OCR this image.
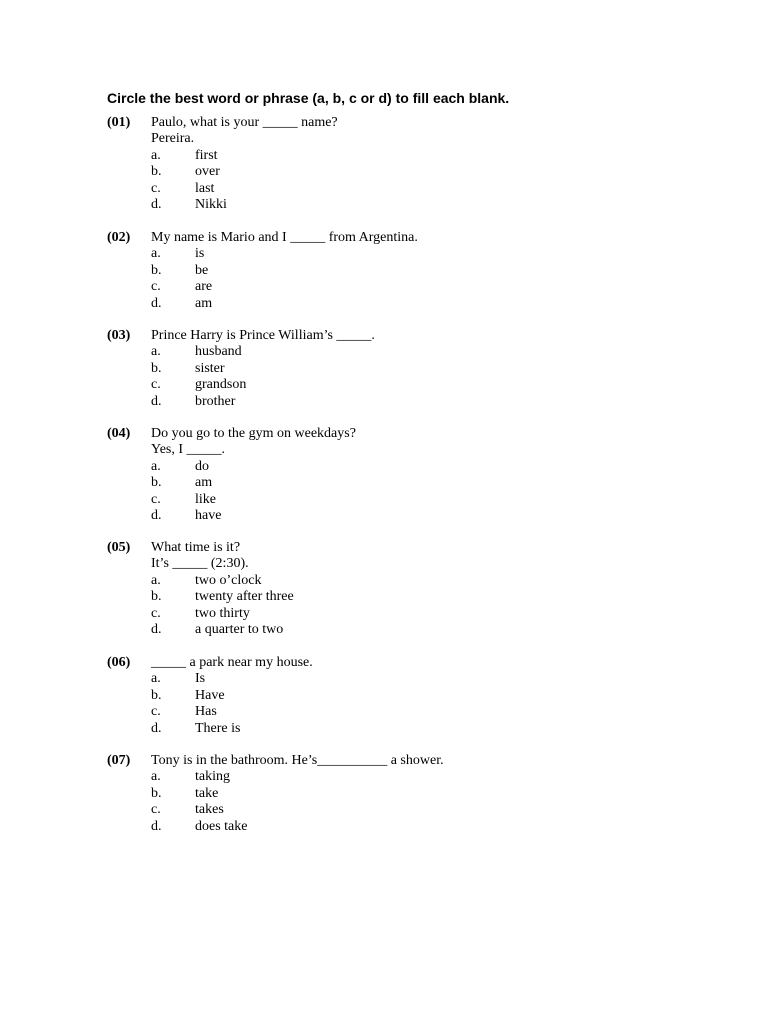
Circle the best word or phrase (a, b, c or d) to fill each blank.
(01) Paulo, what is your _____ name?
Pereira.
a. first
b. over
c. last
d. Nikki
(02) My name is Mario and I _____ from Argentina.
a. is
b. be
c. are
d. am
(03) Prince Harry is Prince William’s _____.
a. husband
b. sister
c. grandson
d. brother
(04) Do you go to the gym on weekdays?
Yes, I _____.
a. do
b. am
c. like
d. have
(05) What time is it?
It’s _____ (2:30).
a. two o’clock
b. twenty after three
c. two thirty
d. a quarter to two
(06) _____ a park near my house.
a. Is
b. Have
c. Has
d. There is
(07) Tony is in the bathroom. He’s__________ a shower.
a. taking
b. take
c. takes
d. does take
